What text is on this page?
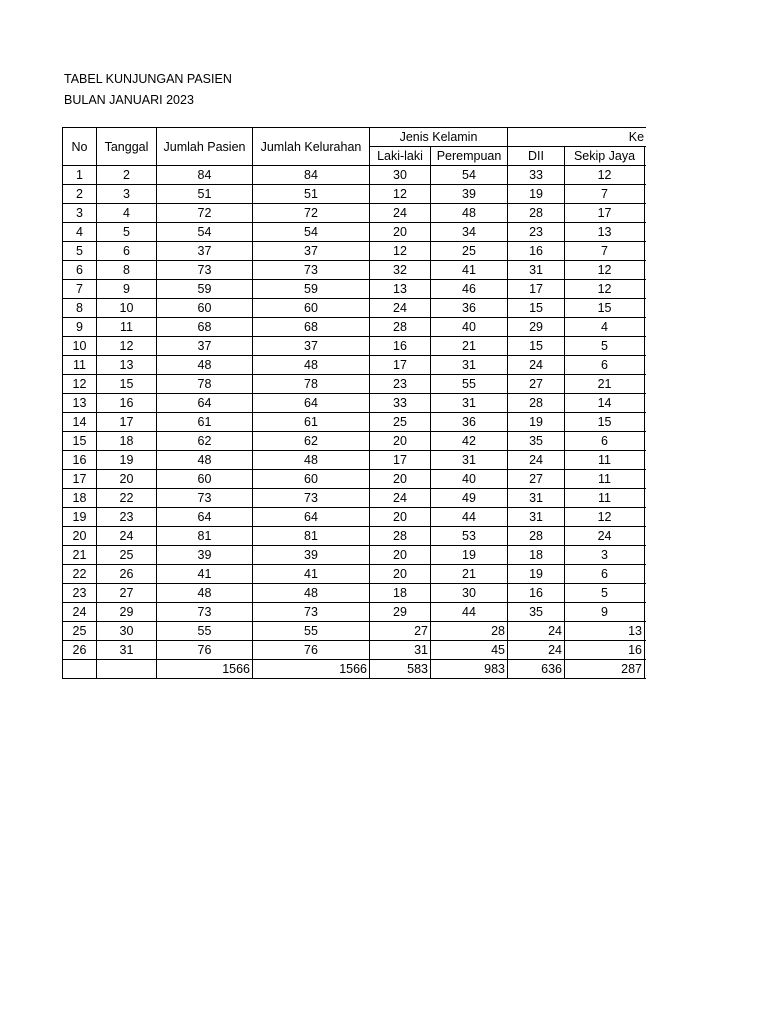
TABEL KUNJUNGAN PASIEN
BULAN JANUARI 2023
No	Tanggal	Jumlah Pasien	Jumlah Kelurahan	Jenis Kelamin		Ke		
				Laki-laki	Perempuan	DII	Sekip Jaya	
1	2	84	84	30	54	33	12	
2	3	51	51	12	39	19	7	
3	4	72	72	24	48	28	17	
4	5	54	54	20	34	23	13	
5	6	37	37	12	25	16	7	
6	8	73	73	32	41	31	12	
7	9	59	59	13	46	17	12	
8	10	60	60	24	36	15	15	
9	11	68	68	28	40	29	4	
10	12	37	37	16	21	15	5	
11	13	48	48	17	31	24	6	
12	15	78	78	23	55	27	21	
13	16	64	64	33	31	28	14	
14	17	61	61	25	36	19	15	
15	18	62	62	20	42	35	6	
16	19	48	48	17	31	24	11	
17	20	60	60	20	40	27	11	
18	22	73	73	24	49	31	11	
19	23	64	64	20	44	31	12	
20	24	81	81	28	53	28	24	
21	25	39	39	20	19	18	3	
22	26	41	41	20	21	19	6	
23	27	48	48	18	30	16	5	
24	29	73	73	29	44	35	9	
25	30	55	55	27	28	24	13	
26	31	76	76	31	45	24	16	
		1566	1566	583	983	636	287	
